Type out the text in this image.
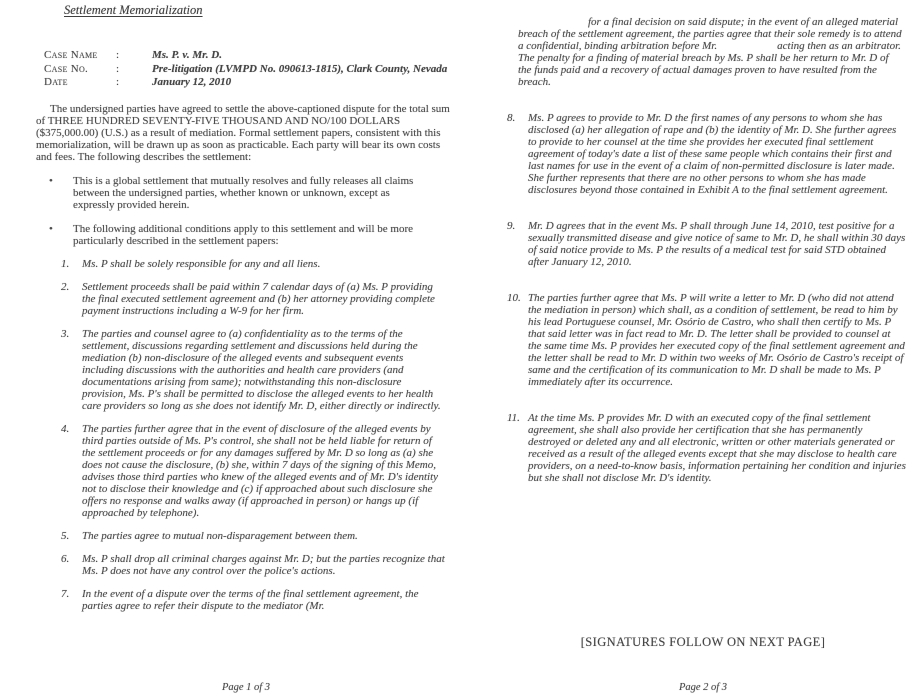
Settlement Memorialization
Case Name	:	Ms. P. v. Mr. D.
Case No.	:	Pre-litigation (LVMPD No. 090613-1815), Clark County, Nevada
Date	:	January 12, 2010

The undersigned parties have agreed to settle the above-captioned dispute for the total sum of THREE HUNDRED SEVENTY-FIVE THOUSAND AND NO/100 DOLLARS ($375,000.00) (U.S.) as a result of mediation. Formal settlement papers, consistent with this memorialization, will be drawn up as soon as practicable. Each party will bear its own costs and fees. The following describes the settlement:

•	This is a global settlement that mutually resolves and fully releases all claims between the undersigned parties, whether known or unknown, except as expressly provided herein.
•	The following additional conditions apply to this settlement and will be more particularly described in the settlement papers:
1.	Ms. P shall be solely responsible for any and all liens.
2.	Settlement proceeds shall be paid within 7 calendar days of (a) Ms. P providing the final executed settlement agreement and (b) her attorney providing complete payment instructions including a W-9 for her firm.
3.	The parties and counsel agree to (a) confidentiality as to the terms of the settlement, discussions regarding settlement and discussions held during the mediation (b) non-disclosure of the alleged events and subsequent events including discussions with the authorities and health care providers (and documentations arising from same); notwithstanding this non-disclosure provision, Ms. P's shall be permitted to disclose the alleged events to her health care providers so long as she does not identify Mr. D, either directly or indirectly.
4.	The parties further agree that in the event of disclosure of the alleged events by third parties outside of Ms. P's control, she shall not be held liable for return of the settlement proceeds or for any damages suffered by Mr. D so long as (a) she does not cause the disclosure, (b) she, within 7 days of the signing of this Memo, advises those third parties who knew of the alleged events and of Mr. D's identity not to disclose their knowledge and (c) if approached about such disclosure she offers no response and walks away (if approached in person) or hangs up (if approached by telephone).
5.	The parties agree to mutual non-disparagement between them.
6.	Ms. P shall drop all criminal charges against Mr. D; but the parties recognize that Ms. P does not have any control over the police's actions.
7.	In the event of a dispute over the terms of the final settlement agreement, the parties agree to refer their dispute to the mediator (Mr.
Page 1 of 3

for a final decision on said dispute; in the event of an alleged material breach of the settlement agreement, the parties agree that their sole remedy is to attend a confidential, binding arbitration before Mr.	acting then as an arbitrator. The penalty for a finding of material breach by Ms. P shall be her return to Mr. D of the funds paid and a recovery of actual damages proven to have resulted from the breach.

8.	Ms. P agrees to provide to Mr. D the first names of any persons to whom she has disclosed (a) her allegation of rape and (b) the identity of Mr. D. She further agrees to provide to her counsel at the time she provides her executed final settlement agreement of today's date a list of these same people which contains their first and last names for use in the event of a claim of non-permitted disclosure is later made. She further represents that there are no other persons to whom she has made disclosures beyond those contained in Exhibit A to the final settlement agreement.
9.	Mr. D agrees that in the event Ms. P shall through June 14, 2010, test positive for a sexually transmitted disease and give notice of same to Mr. D, he shall within 30 days of said notice provide to Ms. P the results of a medical test for said STD obtained after January 12, 2010.
10. The parties further agree that Ms. P will write a letter to Mr. D (who did not attend the mediation in person) which shall, as a condition of settlement, be read to him by his lead Portuguese counsel, Mr. Osório de Castro, who shall then certify to Ms. P that said letter was in fact read to Mr. D. The letter shall be provided to counsel at the same time Ms. P provides her executed copy of the final settlement agreement and the letter shall be read to Mr. D within two weeks of Mr. Osório de Castro's receipt of same and the certification of its communication to Mr. D shall be made to Ms. P immediately after its occurrence.
11. At the time Ms. P provides Mr. D with an executed copy of the final settlement agreement, she shall also provide her certification that she has permanently destroyed or deleted any and all electronic, written or other materials generated or received as a result of the alleged events except that she may disclose to health care providers, on a need-to-know basis, information pertaining her condition and injuries but she shall not disclose Mr. D's identity.
[SIGNATURES FOLLOW ON NEXT PAGE]
Page 2 of 3
